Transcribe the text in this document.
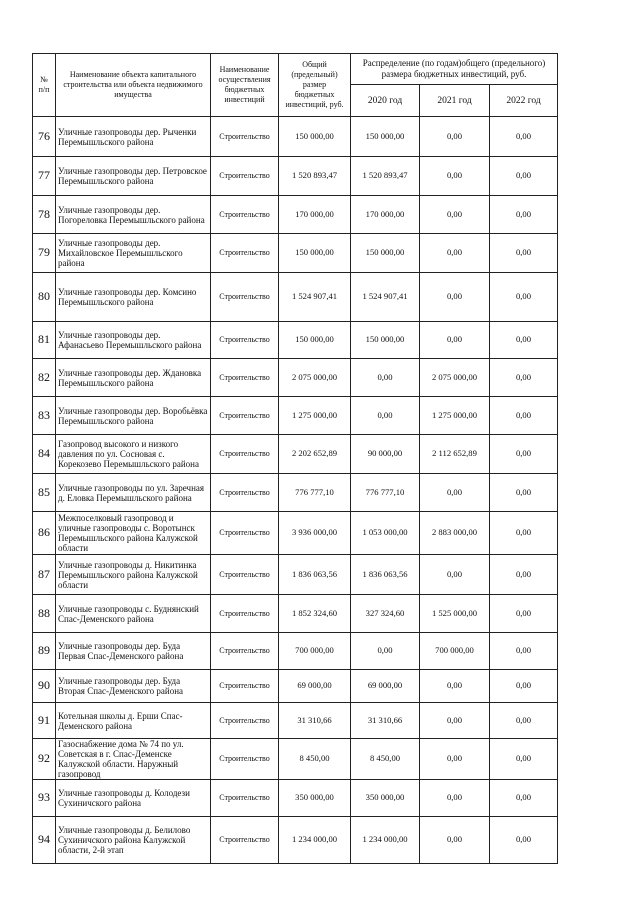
№ п/п	Наименование объекта капитального строительства или объекта недвижимого имущества	Наименование осуществления бюджетных инвестиций	Общий (предельный) размер бюджетных инвестиций, руб.	Распределение (по годам)общего (предельного) размера бюджетных инвестиций, руб.		
				2020 год	2021 год	2022 год
76	Уличные газопроводы дер. Рыченки Перемышльского района	Строительство	150 000,00	150 000,00	0,00	0,00
77	Уличные газопроводы дер. Петровское Перемышльского района	Строительство	1 520 893,47	1 520 893,47	0,00	0,00
78	Уличные газопроводы дер. Погореловка Перемышльского района	Строительство	170 000,00	170 000,00	0,00	0,00
79	Уличные газопроводы дер. Михайловское Перемышльского района	Строительство	150 000,00	150 000,00	0,00	0,00
80	Уличные газопроводы дер. Комсино Перемышльского района	Строительство	1 524 907,41	1 524 907,41	0,00	0,00
81	Уличные газопроводы дер. Афанасьево Перемышльского района	Строительство	150 000,00	150 000,00	0,00	0,00
82	Уличные газопроводы дер. Ждановка Перемышльского района	Строительство	2 075 000,00	0,00	2 075 000,00	0,00
83	Уличные газопроводы дер. Воробьёвка Перемышльского района	Строительство	1 275 000,00	0,00	1 275 000,00	0,00
84	Газопровод высокого и низкого давления по ул. Сосновая с. Корекозево Перемышльского района	Строительство	2 202 652,89	90 000,00	2 112 652,89	0,00
85	Уличные газопроводы по ул. Заречная д. Еловка Перемышльского района	Строительство	776 777,10	776 777,10	0,00	0,00
86	Межпоселковый газопровод и уличные газопроводы с. Воротынск Перемышльского района Калужской области	Строительство	3 936 000,00	1 053 000,00	2 883 000,00	0,00
87	Уличные газопроводы д. Никитинка Перемышльского района Калужской области	Строительство	1 836 063,56	1 836 063,56	0,00	0,00
88	Уличные газопроводы с. Буднянский Спас-Деменского района	Строительство	1 852 324,60	327 324,60	1 525 000,00	0,00
89	Уличные газопроводы дер. Буда Первая Спас-Деменского района	Строительство	700 000,00	0,00	700 000,00	0,00
90	Уличные газопроводы дер. Буда Вторая Спас-Деменского района	Строительство	69 000,00	69 000,00	0,00	0,00
91	Котельная школы д. Ерши Спас-Деменского района	Строительство	31 310,66	31 310,66	0,00	0,00
92	Газоснабжение дома № 74 по ул. Советская в г. Спас-Деменске Калужской области. Наружный газопровод	Строительство	8 450,00	8 450,00	0,00	0,00
93	Уличные газопроводы д. Колодези Сухиничского района	Строительство	350 000,00	350 000,00	0,00	0,00
94	Уличные газопроводы д. Белилово Сухиничского района Калужской области, 2-й этап	Строительство	1 234 000,00	1 234 000,00	0,00	0,00
